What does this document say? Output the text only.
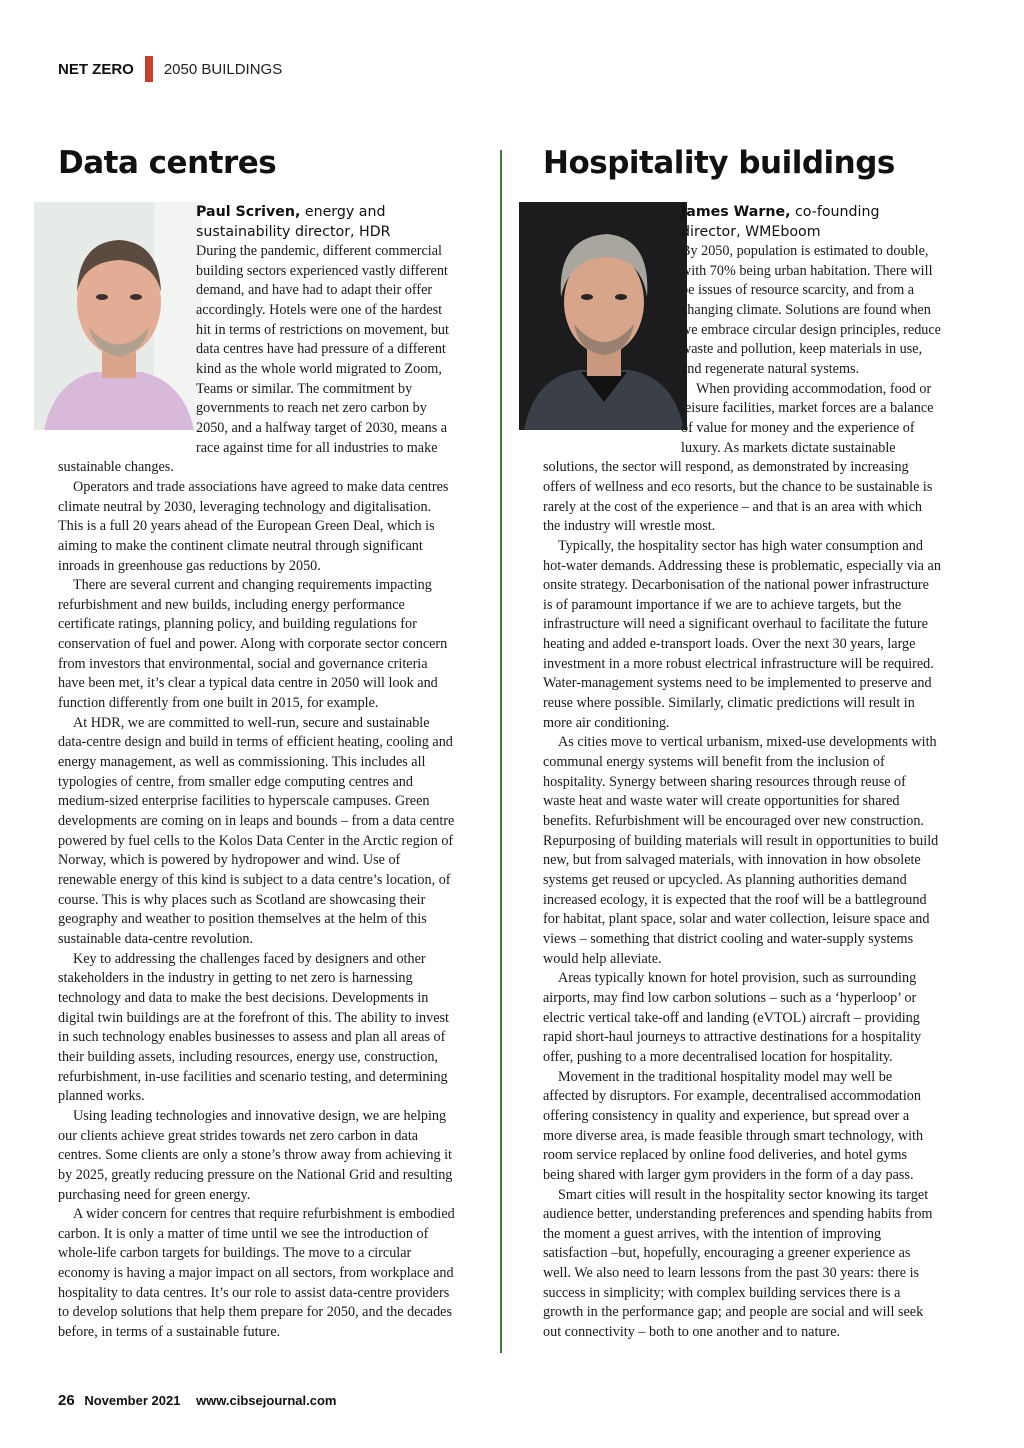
NET ZERO 2050 BUILDINGS
Data centres
Paul Scriven, energy and sustainability director, HDR

During the pandemic, different commercial building sectors experienced vastly different demand, and have had to adapt their offer accordingly. Hotels were one of the hardest hit in terms of restrictions on movement, but data centres have had pressure of a different kind as the whole world migrated to Zoom, Teams or similar. The commitment by governments to reach net zero carbon by 2050, and a halfway target of 2030, means a race against time for all industries to make sustainable changes.

Operators and trade associations have agreed to make data centres climate neutral by 2030, leveraging technology and digitalisation. This is a full 20 years ahead of the European Green Deal, which is aiming to make the continent climate neutral through significant inroads in greenhouse gas reductions by 2050.

There are several current and changing requirements impacting refurbishment and new builds, including energy performance certificate ratings, planning policy, and building regulations for conservation of fuel and power. Along with corporate sector concern from investors that environmental, social and governance criteria have been met, it’s clear a typical data centre in 2050 will look and function differently from one built in 2015, for example.

At HDR, we are committed to well-run, secure and sustainable data-centre design and build in terms of efficient heating, cooling and energy management, as well as commissioning. This includes all typologies of centre, from smaller edge computing centres and medium-sized enterprise facilities to hyperscale campuses. Green developments are coming on in leaps and bounds – from a data centre powered by fuel cells to the Kolos Data Center in the Arctic region of Norway, which is powered by hydropower and wind. Use of renewable energy of this kind is subject to a data centre’s location, of course. This is why places such as Scotland are showcasing their geography and weather to position themselves at the helm of this sustainable data-centre revolution.

Key to addressing the challenges faced by designers and other stakeholders in the industry in getting to net zero is harnessing technology and data to make the best decisions. Developments in digital twin buildings are at the forefront of this. The ability to invest in such technology enables businesses to assess and plan all areas of their building assets, including resources, energy use, construction, refurbishment, in-use facilities and scenario testing, and determining planned works.

Using leading technologies and innovative design, we are helping our clients achieve great strides towards net zero carbon in data centres. Some clients are only a stone’s throw away from achieving it by 2025, greatly reducing pressure on the National Grid and resulting purchasing need for green energy.

A wider concern for centres that require refurbishment is embodied carbon. It is only a matter of time until we see the introduction of whole-life carbon targets for buildings. The move to a circular economy is having a major impact on all sectors, from workplace and hospitality to data centres. It’s our role to assist data-centre providers to develop solutions that help them prepare for 2050, and the decades before, in terms of a sustainable future.

Hospitality buildings
James Warne, co-founding director, WMEboom

By 2050, population is estimated to double, with 70% being urban habitation. There will be issues of resource scarcity, and from a changing climate. Solutions are found when we embrace circular design principles, reduce waste and pollution, keep materials in use, and regenerate natural systems.

When providing accommodation, food or leisure facilities, market forces are a balance of value for money and the experience of luxury. As markets dictate sustainable solutions, the sector will respond, as demonstrated by increasing offers of wellness and eco resorts, but the chance to be sustainable is rarely at the cost of the experience – and that is an area with which the industry will wrestle most.

Typically, the hospitality sector has high water consumption and hot-water demands. Addressing these is problematic, especially via an onsite strategy. Decarbonisation of the national power infrastructure is of paramount importance if we are to achieve targets, but the infrastructure will need a significant overhaul to facilitate the future heating and added e-transport loads. Over the next 30 years, large investment in a more robust electrical infrastructure will be required. Water-management systems need to be implemented to preserve and reuse where possible. Similarly, climatic predictions will result in more air conditioning.

As cities move to vertical urbanism, mixed-use developments with communal energy systems will benefit from the inclusion of hospitality. Synergy between sharing resources through reuse of waste heat and waste water will create opportunities for shared benefits. Refurbishment will be encouraged over new construction. Repurposing of building materials will result in opportunities to build new, but from salvaged materials, with innovation in how obsolete systems get reused or upcycled. As planning authorities demand increased ecology, it is expected that the roof will be a battleground for habitat, plant space, solar and water collection, leisure space and views – something that district cooling and water-supply systems would help alleviate.

Areas typically known for hotel provision, such as surrounding airports, may find low carbon solutions – such as a ‘hyperloop’ or electric vertical take-off and landing (eVTOL) aircraft – providing rapid short-haul journeys to attractive destinations for a hospitality offer, pushing to a more decentralised location for hospitality.

Movement in the traditional hospitality model may well be affected by disruptors. For example, decentralised accommodation offering consistency in quality and experience, but spread over a more diverse area, is made feasible through smart technology, with room service replaced by online food deliveries, and hotel gyms being shared with larger gym providers in the form of a day pass.

Smart cities will result in the hospitality sector knowing its target audience better, understanding preferences and spending habits from the moment a guest arrives, with the intention of improving satisfaction –but, hopefully, encouraging a greener experience as well. We also need to learn lessons from the past 30 years: there is success in simplicity; with complex building services there is a growth in the performance gap; and people are social and will seek out connectivity – both to one another and to nature.

26 November 2021 www.cibsejournal.com
